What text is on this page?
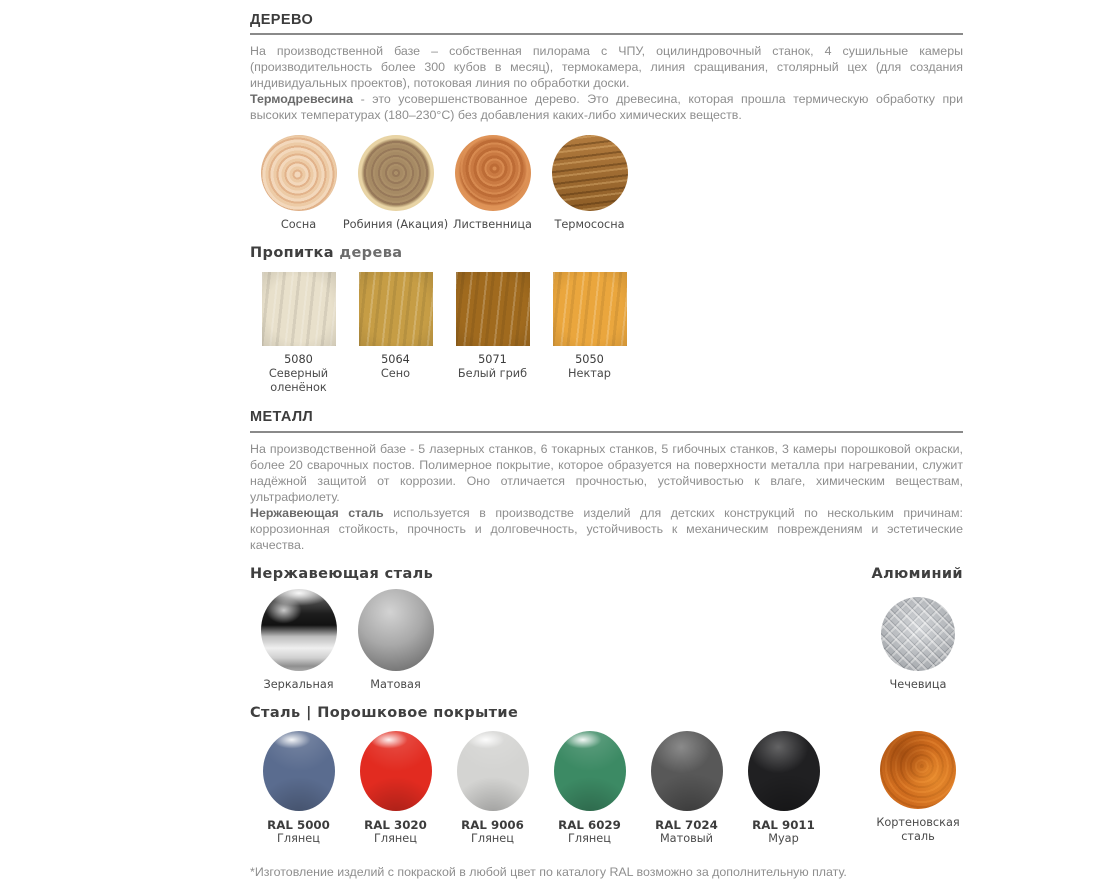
ДЕРЕВО

На производственной базе – собственная пилорама с ЧПУ, оцилиндровочный станок, 4 сушильные камеры (производительность более 300 кубов в месяц), термокамера, линия сращивания, столярный цех (для создания индивидуальных проектов), потоковая линия по обработки доски.

Термодревесина - это усовершенствованное дерево. Это древесина, которая прошла термическую обработку при высоких температурах (180–230°С) без добавления каких-либо химических веществ.

Сосна Робиния (Акация) Лиственница Термососна
Пропитка дерева
5080
Северный оленёнок
5064
Сено
5071
Белый гриб
5050
Нектар
МЕТАЛЛ

На производственной базе - 5 лазерных станков, 6 токарных станков, 5 гибочных станков, 3 камеры порошковой окраски, более 20 сварочных постов. Полимерное покрытие, которое образуется на поверхности металла при нагревании, служит надёжной защитой от коррозии. Оно отличается прочностью, устойчивостью к влаге, химическим веществам, ультрафиолету.

Нержавеющая сталь используется в производстве изделий для детских конструкций по нескольким причинам: коррозионная стойкость, прочность и долговечность, устойчивость к механическим повреждениям и эстетические качества.

Нержавеющая сталь	Алюминий
Зеркальная	Матовая	Чечевица
Сталь | Порошковое покрытие
RAL 5000
Глянец
RAL 3020
Глянец
RAL 9006
Глянец
RAL 6029
Глянец
RAL 7024
Матовый
RAL 9011
Муар
Кортеновская сталь

*Изготовление изделий с покраской в любой цвет по каталогу RAL возможно за дополнительную плату.
